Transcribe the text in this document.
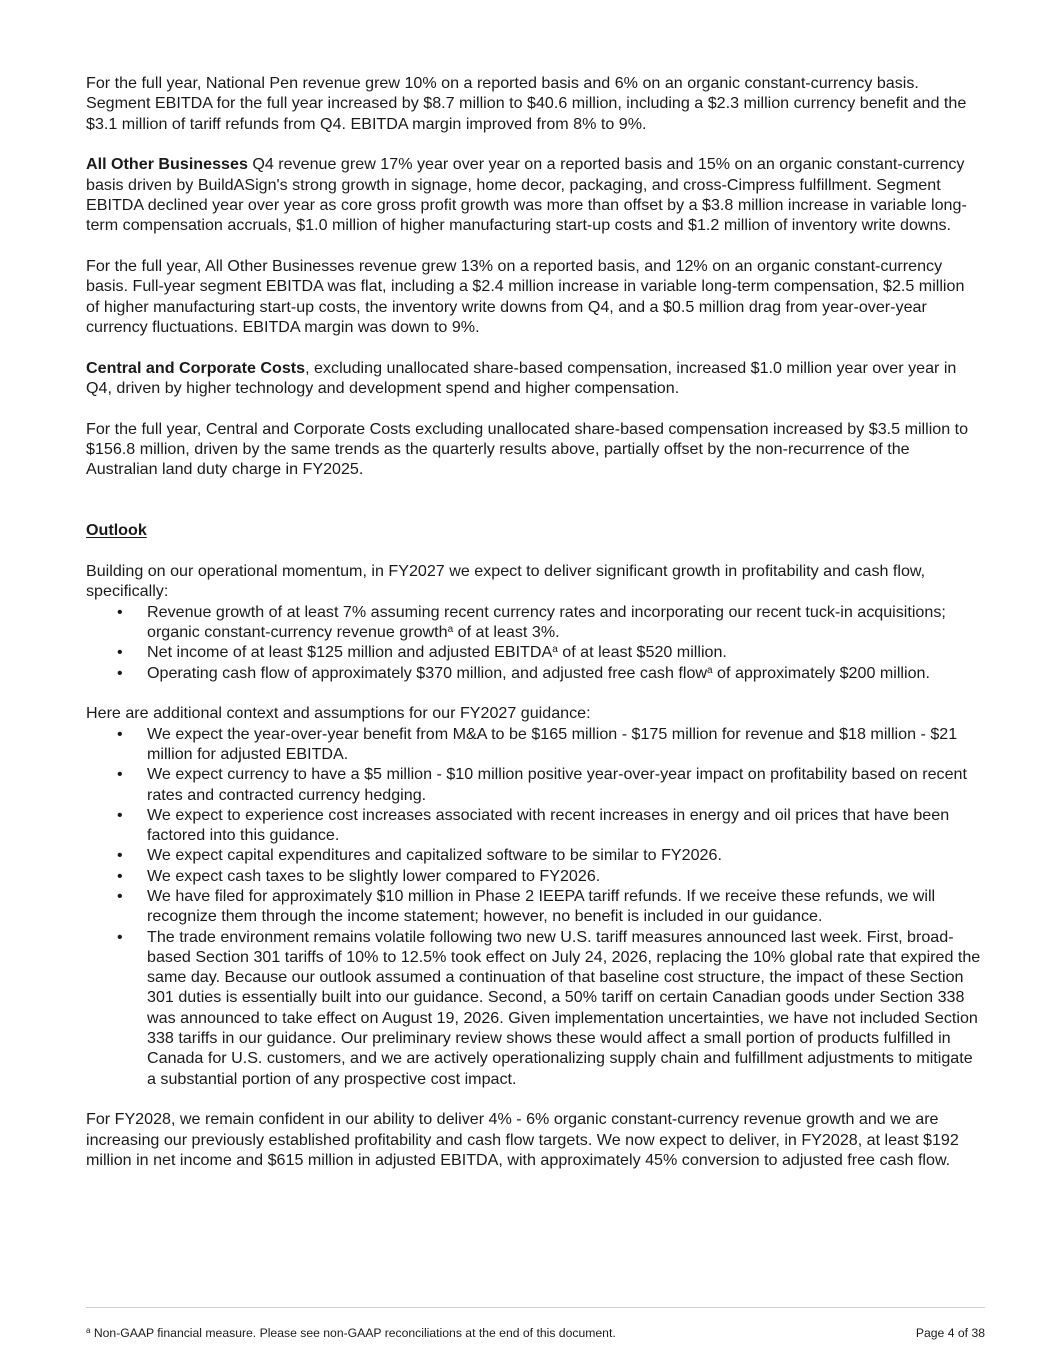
For the full year, National Pen revenue grew 10% on a reported basis and 6% on an organic constant-currency basis. Segment EBITDA for the full year increased by $8.7 million to $40.6 million, including a $2.3 million currency benefit and the $3.1 million of tariff refunds from Q4. EBITDA margin improved from 8% to 9%.

All Other Businesses Q4 revenue grew 17% year over year on a reported basis and 15% on an organic constant-currency basis driven by BuildASign's strong growth in signage, home decor, packaging, and cross-Cimpress fulfillment. Segment EBITDA declined year over year as core gross profit growth was more than offset by a $3.8 million increase in variable long-term compensation accruals, $1.0 million of higher manufacturing start-up costs and $1.2 million of inventory write downs.

For the full year, All Other Businesses revenue grew 13% on a reported basis, and 12% on an organic constant-currency basis. Full-year segment EBITDA was flat, including a $2.4 million increase in variable long-term compensation, $2.5 million of higher manufacturing start-up costs, the inventory write downs from Q4, and a $0.5 million drag from year-over-year currency fluctuations. EBITDA margin was down to 9%.

Central and Corporate Costs, excluding unallocated share-based compensation, increased $1.0 million year over year in Q4, driven by higher technology and development spend and higher compensation.

For the full year, Central and Corporate Costs excluding unallocated share-based compensation increased by $3.5 million to $156.8 million, driven by the same trends as the quarterly results above, partially offset by the non-recurrence of the Australian land duty charge in FY2025.

Outlook

Building on our operational momentum, in FY2027 we expect to deliver significant growth in profitability and cash flow, specifically:

• Revenue growth of at least 7% assuming recent currency rates and incorporating our recent tuck-in acquisitions; organic constant-currency revenue growth$^a$ of at least 3%.
• Net income of at least $125 million and adjusted EBITDA$^a$ of at least $520 million.
• Operating cash flow of approximately $370 million, and adjusted free cash flow$^a$ of approximately $200 million.

Here are additional context and assumptions for our FY2027 guidance:

• We expect the year-over-year benefit from M&A to be $165 million - $175 million for revenue and $18 million - $21 million for adjusted EBITDA.
• We expect currency to have a $5 million - $10 million positive year-over-year impact on profitability based on recent rates and contracted currency hedging.
• We expect to experience cost increases associated with recent increases in energy and oil prices that have been factored into this guidance.
• We expect capital expenditures and capitalized software to be similar to FY2026.
• We expect cash taxes to be slightly lower compared to FY2026.
• We have filed for approximately $10 million in Phase 2 IEEPA tariff refunds. If we receive these refunds, we will recognize them through the income statement; however, no benefit is included in our guidance.
• The trade environment remains volatile following two new U.S. tariff measures announced last week. First, broad-based Section 301 tariffs of 10% to 12.5% took effect on July 24, 2026, replacing the 10% global rate that expired the same day. Because our outlook assumed a continuation of that baseline cost structure, the impact of these Section 301 duties is essentially built into our guidance. Second, a 50% tariff on certain Canadian goods under Section 338 was announced to take effect on August 19, 2026. Given implementation uncertainties, we have not included Section 338 tariffs in our guidance. Our preliminary review shows these would affect a small portion of products fulfilled in Canada for U.S. customers, and we are actively operationalizing supply chain and fulfillment adjustments to mitigate a substantial portion of any prospective cost impact.

For FY2028, we remain confident in our ability to deliver 4% - 6% organic constant-currency revenue growth and we are increasing our previously established profitability and cash flow targets. We now expect to deliver, in FY2028, at least $192 million in net income and $615 million in adjusted EBITDA, with approximately 45% conversion to adjusted free cash flow.

$^a$ Non-GAAP financial measure. Please see non-GAAP reconciliations at the end of this document.	Page 4 of 38
